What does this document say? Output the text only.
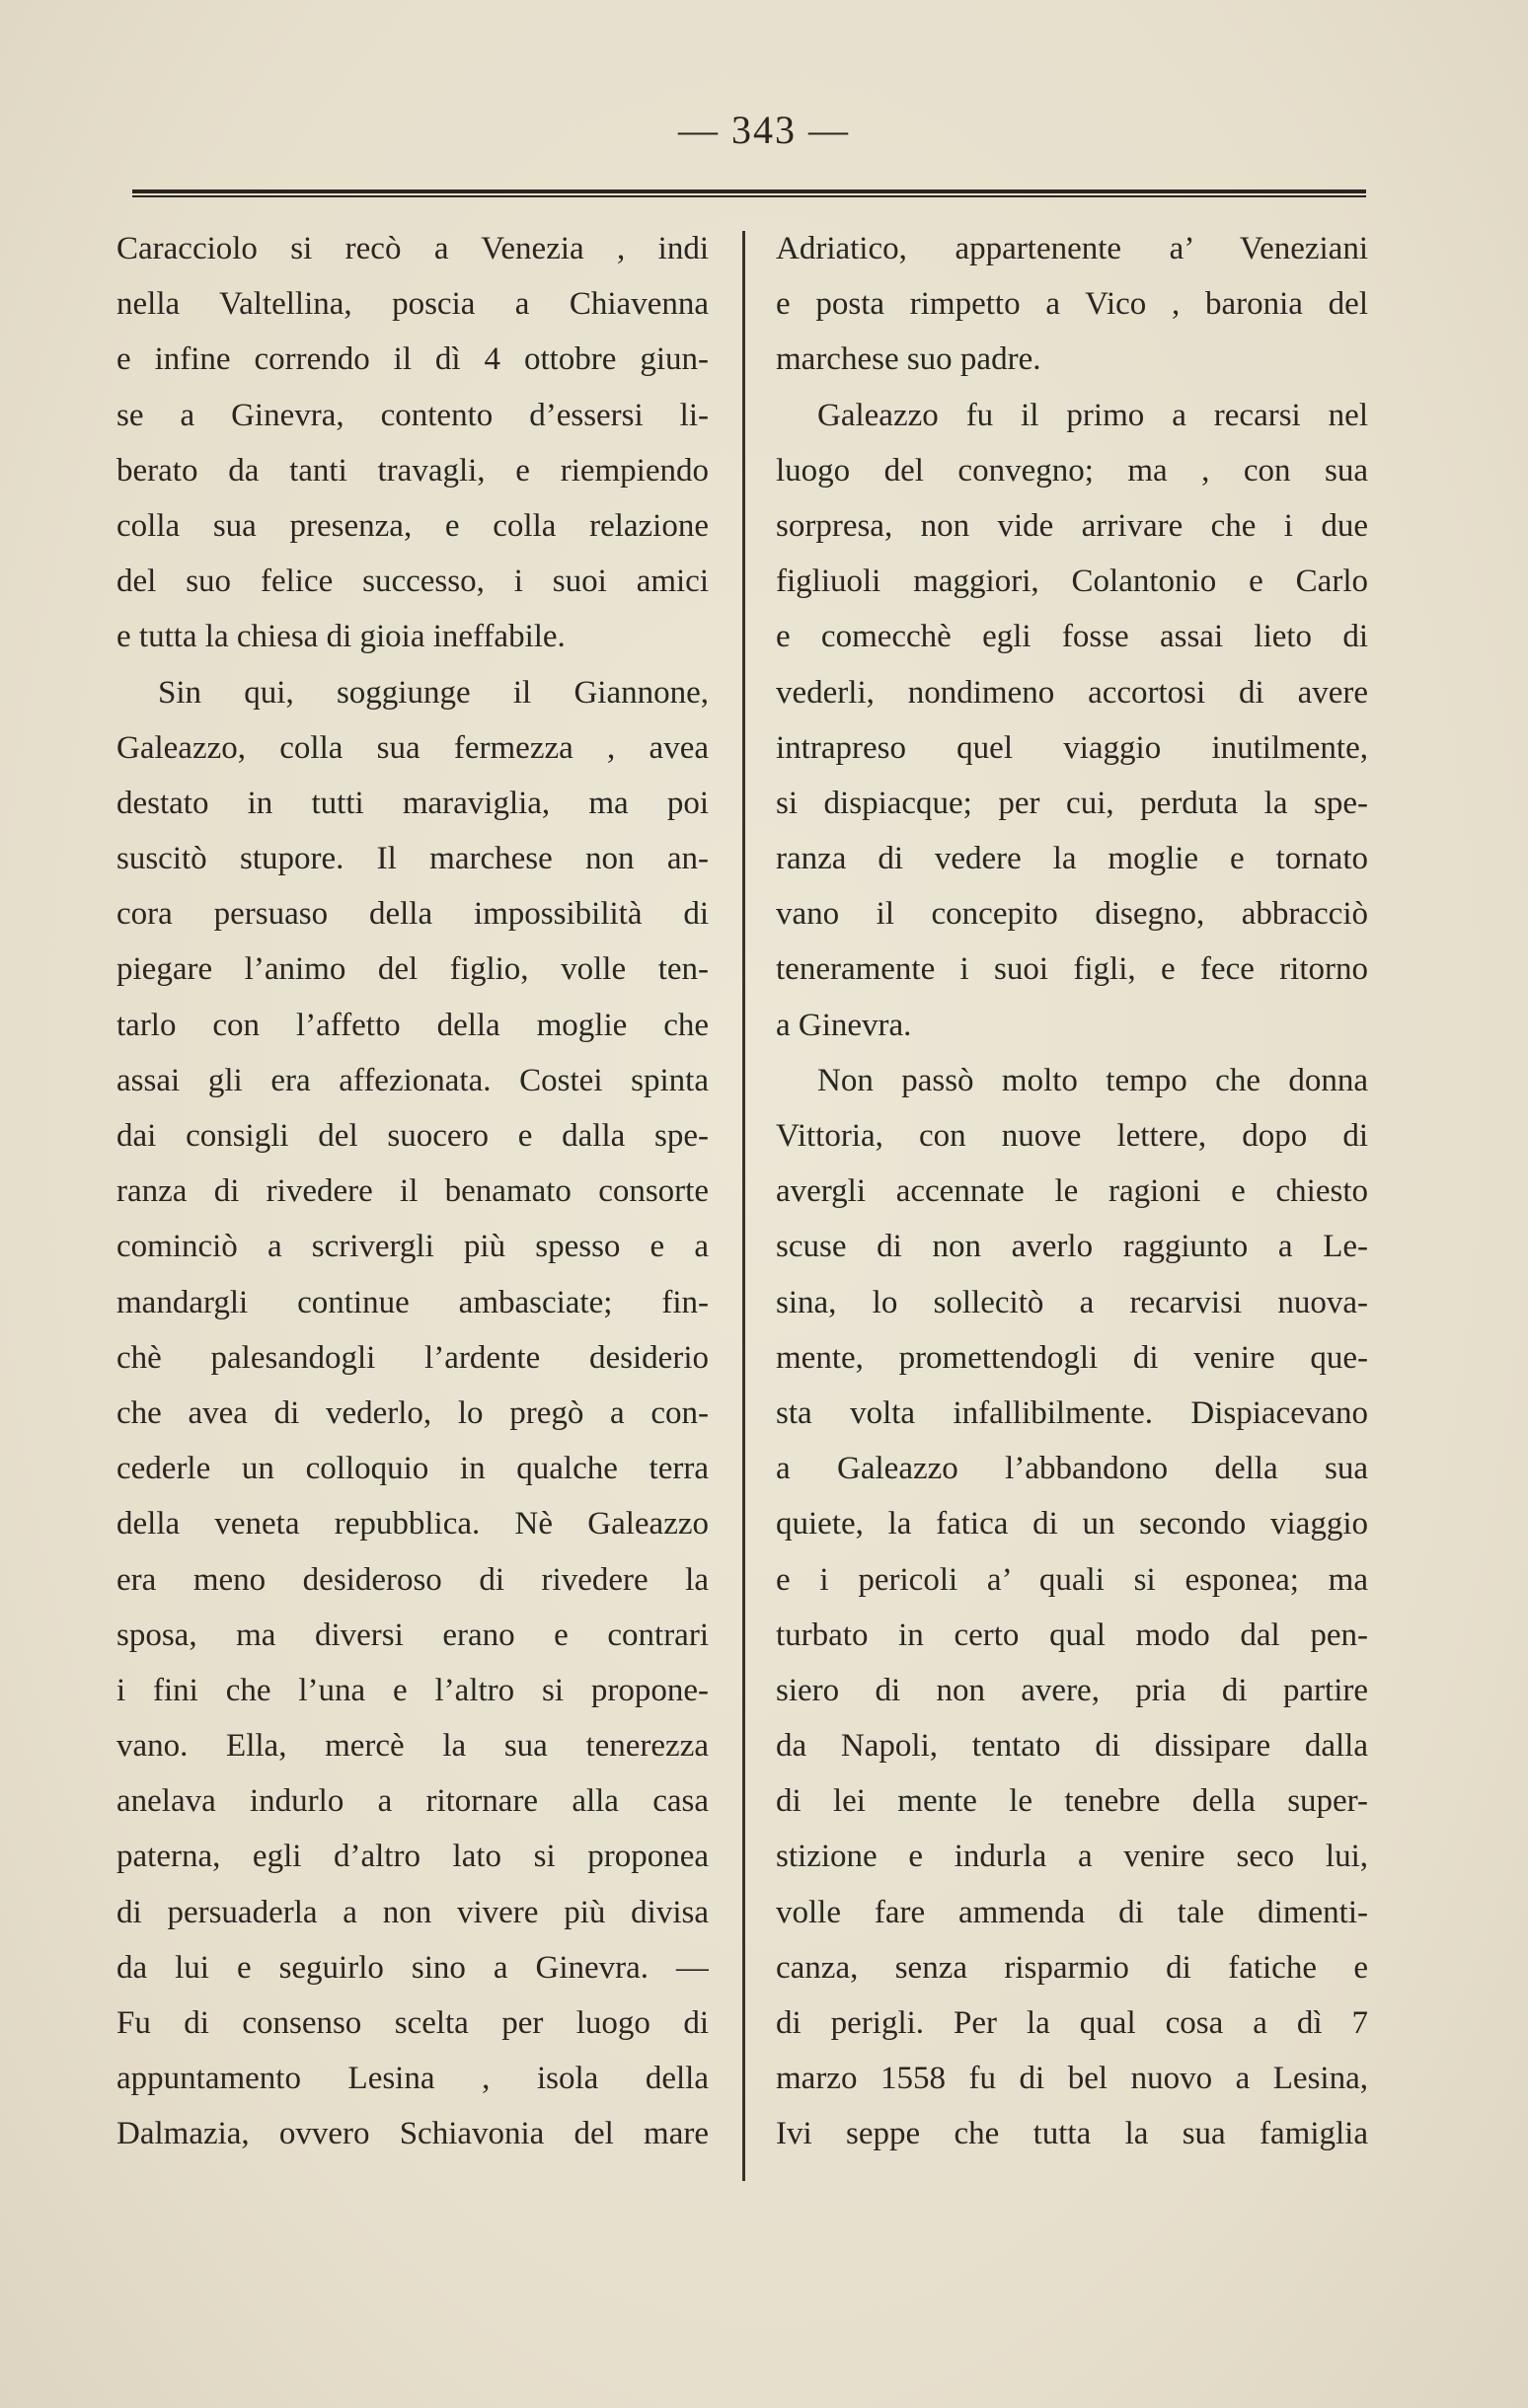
— 343 —
Caracciolo si recò a Venezia , indi
nella Valtellina, poscia a Chiavenna
e infine correndo il dì 4 ottobre giun-
se a Ginevra, contento d’essersi li-
berato da tanti travagli, e riempiendo
colla sua presenza, e colla relazione
del suo felice successo, i suoi amici
e tutta la chiesa di gioia ineffabile.
Sin qui, soggiunge il Giannone,
Galeazzo, colla sua fermezza , avea
destato in tutti maraviglia, ma poi
suscitò stupore. Il marchese non an-
cora persuaso della impossibilità di
piegare l’animo del figlio, volle ten-
tarlo con l’affetto della moglie che
assai gli era affezionata. Costei spinta
dai consigli del suocero e dalla spe-
ranza di rivedere il benamato consorte
cominciò a scrivergli più spesso e a
mandargli continue ambasciate; fin-
chè palesandogli l’ardente desiderio
che avea di vederlo, lo pregò a con-
cederle un colloquio in qualche terra
della veneta repubblica. Nè Galeazzo
era meno desideroso di rivedere la
sposa, ma diversi erano e contrari
i fini che l’una e l’altro si propone-
vano. Ella, mercè la sua tenerezza
anelava indurlo a ritornare alla casa
paterna, egli d’altro lato si proponea
di persuaderla a non vivere più divisa
da lui e seguirlo sino a Ginevra. —
Fu di consenso scelta per luogo di
appuntamento Lesina , isola della
Dalmazia, ovvero Schiavonia del mare
Adriatico, appartenente a’ Veneziani
e posta rimpetto a Vico , baronia del
marchese suo padre.
Galeazzo fu il primo a recarsi nel
luogo del convegno; ma , con sua
sorpresa, non vide arrivare che i due
figliuoli maggiori, Colantonio e Carlo
e comecchè egli fosse assai lieto di
vederli, nondimeno accortosi di avere
intrapreso quel viaggio inutilmente,
si dispiacque; per cui, perduta la spe-
ranza di vedere la moglie e tornato
vano il concepito disegno, abbracciò
teneramente i suoi figli, e fece ritorno
a Ginevra.
Non passò molto tempo che donna
Vittoria, con nuove lettere, dopo di
avergli accennate le ragioni e chiesto
scuse di non averlo raggiunto a Le-
sina, lo sollecitò a recarvisi nuova-
mente, promettendogli di venire que-
sta volta infallibilmente. Dispiacevano
a Galeazzo l’abbandono della sua
quiete, la fatica di un secondo viaggio
e i pericoli a’ quali si esponea; ma
turbato in certo qual modo dal pen-
siero di non avere, pria di partire
da Napoli, tentato di dissipare dalla
di lei mente le tenebre della super-
stizione e indurla a venire seco lui,
volle fare ammenda di tale dimenti-
canza, senza risparmio di fatiche e
di perigli. Per la qual cosa a dì 7
marzo 1558 fu di bel nuovo a Lesina,
Ivi seppe che tutta la sua famiglia
